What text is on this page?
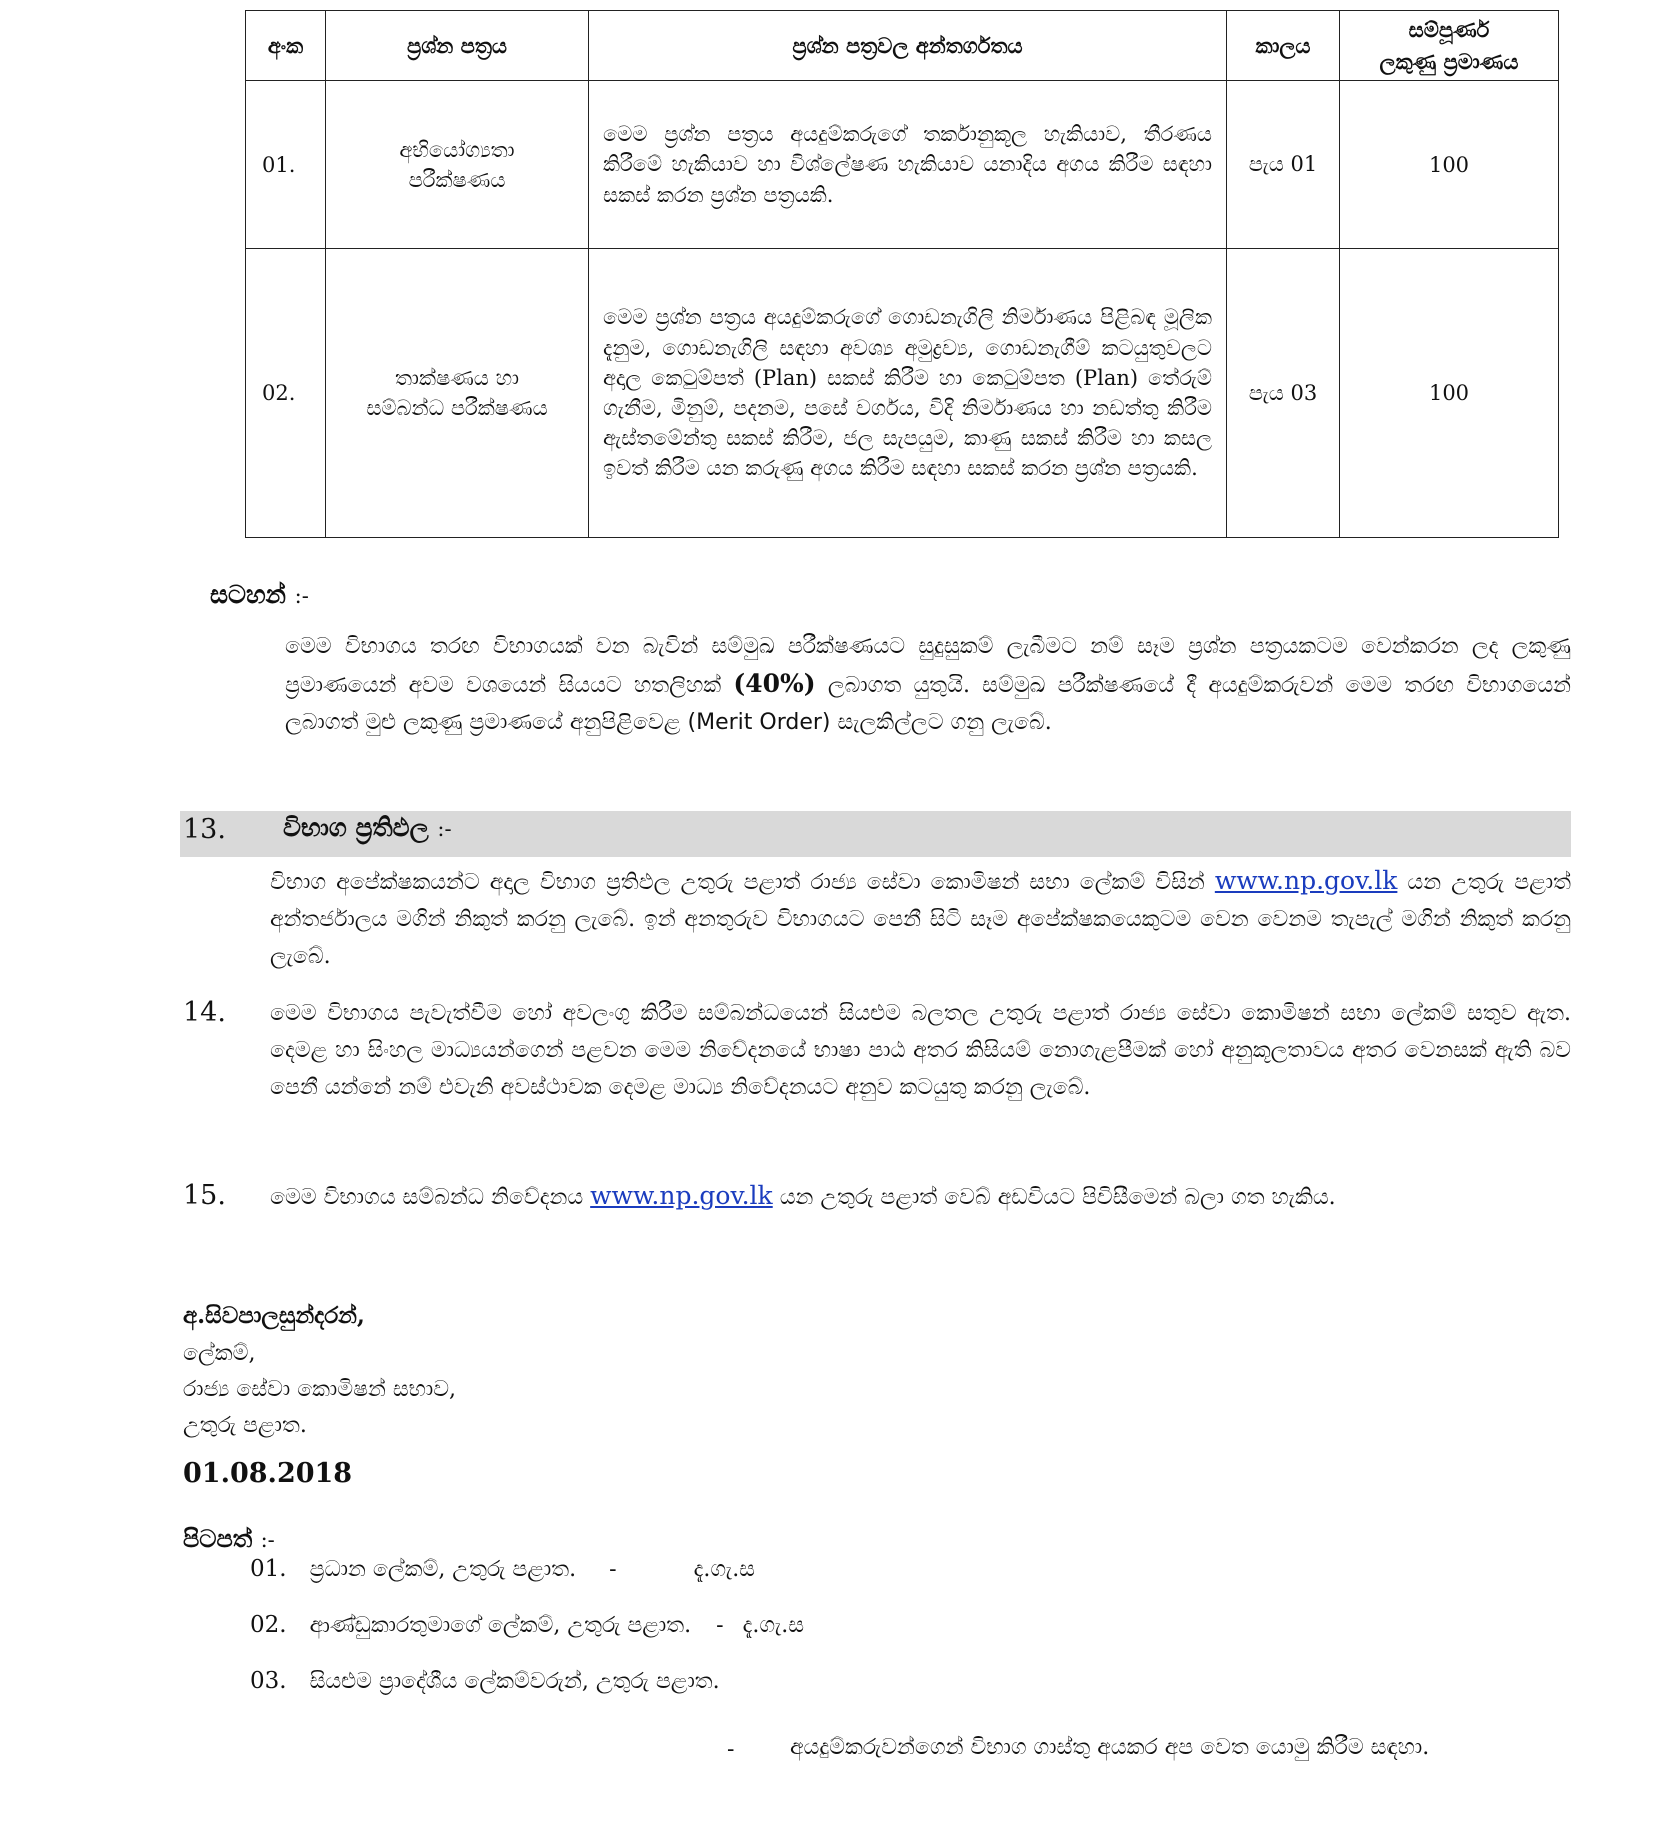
අංක	ප්‍රශ්න පත්‍රය	ප්‍රශ්න පත්‍රවල අන්තර්ගතය	කාලය	සම්පූර්ණ
ලකුණු ප්‍රමාණය

01.	අභියෝග්‍යතා
පරීක්ෂණය	මෙම ප්‍රශ්න පත්‍රය අයදුම්කරුගේ තර්කානුකූල හැකියාව, තීරණය කිරීමේ හැකියාව හා විශ්ලේෂණ හැකියාව යනාදිය අගය කිරීම සඳහා සකස් කරන ප්‍රශ්න පත්‍රයකි.	පැය 01	100
02.	තාක්ෂණය හා
සම්බන්ධ පරීක්ෂණය	මෙම ප්‍රශ්න පත්‍රය අයදුම්කරුගේ ගොඩනැගිලි නිර්මාණය පිළිබඳ මූලික දැනුම, ගොඩනැගිලි සඳහා අවශ්‍ය අමුද්‍රව්‍ය, ගොඩනැගීම් කටයුතුවලට අදාල කෙටුම්පත් (Plan) සකස් කිරීම හා කෙටුම්පත (Plan) තේරුම් ගැනීම, මිනුම්, පදනම, පසේ වර්ගය, විදි නිර්මාණය හා නඩත්තු කිරීම ඇස්තමේන්තු සකස් කිරීම, ජල සැපයුම, කාණු සකස් කිරීම හා කසල ඉවත් කිරීම යන කරුණු අගය කිරීම සඳහා සකස් කරන ප්‍රශ්න පත්‍රයකි.	පැය 03	100
සටහන් :-
මෙම විභාගය තරඟ විභාගයක් වන බැවින් සම්මුඛ පරීක්ෂණයට සුදුසුකම් ලැබීමට නම් සෑම ප්‍රශ්න පත්‍රයකටම වෙන්කරන ලද ලකුණු ප්‍රමාණයෙන් අවම වශයෙන් සියයට හතලිහක් (40%) ලබාගත යුතුයි. සම්මුඛ පරීක්ෂණයේ දී අයදුම්කරුවන් මෙම තරඟ විභාගයෙන් ලබාගත් මුළු ලකුණු ප්‍රමාණයේ අනුපිළිවෙළ (Merit Order) සැලකිල්ලට ගනු ලැබේ.
13. විභාග ප්‍රතිඵල :-
විභාග අපේක්ෂකයන්ට අදාල විභාග ප්‍රතිඵල උතුරු පළාත් රාජ්‍ය සේවා කොමිෂන් සභා ලේකම් විසින් www.np.gov.lk යන උතුරු පළාත් අන්තර්ජාලය මගින් නිකුත් කරනු ලැබේ. ඉන් අනතුරුව විභාගයට පෙනී සිටි සෑම අපේක්ෂකයෙකුටම වෙන වෙනම තැපැල් මගින් නිකුත් කරනු ලැබේ.
14. මෙම විභාගය පැවැත්වීම හෝ අවලංගු කිරීම සම්බන්ධයෙන් සියළුම බලතල උතුරු පළාත් රාජ්‍ය සේවා කොමිෂන් සභා ලේකම් සතුව ඇත. දෙමළ හා සිංහල මාධ්‍යයන්ගෙන් පළවන මෙම නිවේදනයේ භාෂා පාඨ අතර කිසියම් නොගැළපීමක් හෝ අනුකූලතාවය අතර වෙනසක් ඇති බව පෙනී යන්නේ නම් එවැනි අවස්ථාවක දෙමළ මාධ්‍ය නිවේදනයට අනුව කටයුතු කරනු ලැබේ.
15. මෙම විභාගය සම්බන්ධ නිවේදනය www.np.gov.lk යන උතුරු පළාත් වෙබ් අඩවියට පිවිසීමෙන් බලා ගත හැකිය.
අ.සිවපාලසුන්දරන්,
ලේකම්,
රාජ්‍ය සේවා කොමිෂන් සභාව,
උතුරු පළාත.
01.08.2018
පිටපත් :-
01. ප්‍රධාන ලේකම්, උතුරු පළාත. -	දැ.ගැ.ස
02. ආණ්ඩුකාරතුමාගේ ලේකම්, උතුරු පළාත. - දැ.ගැ.ස
03. සියළුම ප්‍රාදේශීය ලේකම්වරුන්, උතුරු පළාත.
-	අයදුම්කරුවන්ගෙන් විභාග ගාස්තු අයකර අප වෙත යොමු කිරීම සඳහා.
